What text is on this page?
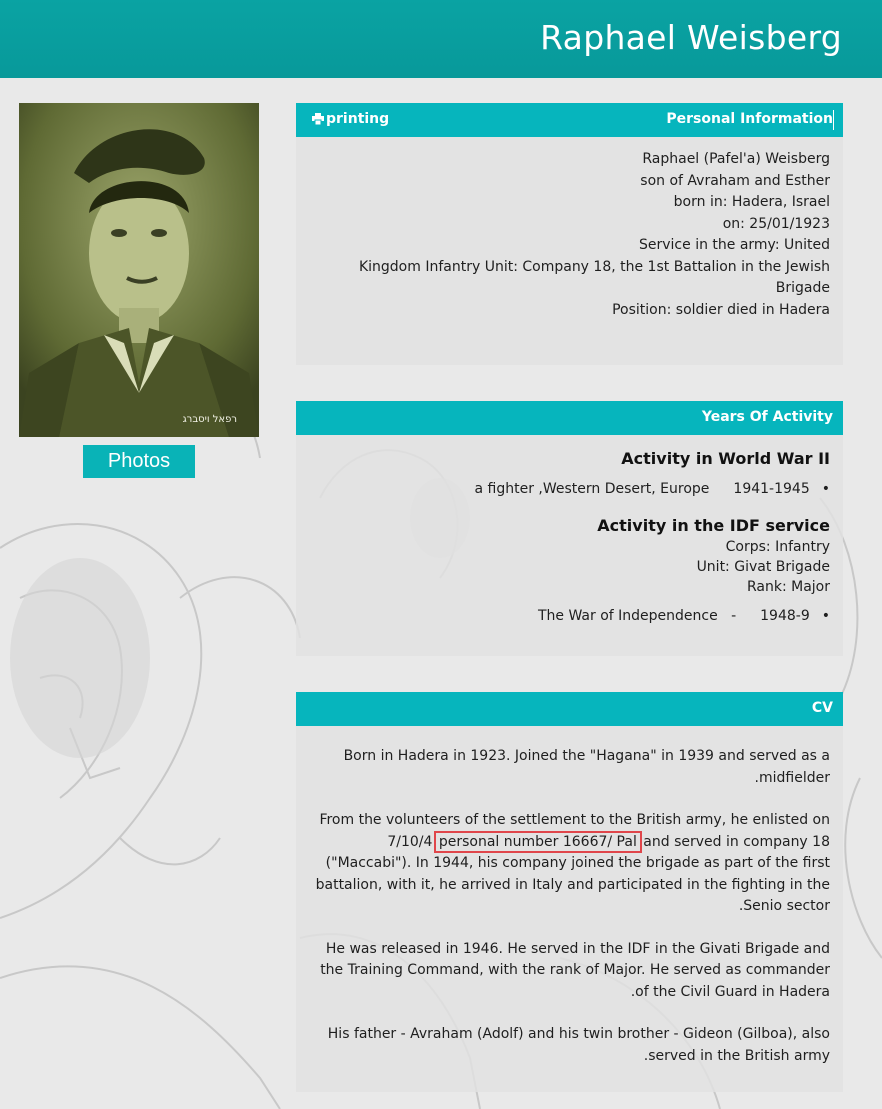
Raphael Weisberg
רפאל ויסברג
Photos
printing	Personal Information
Raphael (Pafel'a) Weisberg
son of Avraham and Esther
born in: Hadera, Israel
on: 25/01/1923
Service in the army: United
Kingdom Infantry Unit: Company 18, the 1st Battalion in the Jewish Brigade
Position: soldier died in Hadera
Years Of Activity
Activity in World War II
a fighter ,Western Desert, Europe 1941-1945 •
Activity in the IDF service
Corps: Infantry
Unit: Givat Brigade
Rank: Major
The War of Independence   - 1948-9 •
CV

Born in Hadera in 1923. Joined the "Hagana" in 1939 and served as a midfielder.

From the volunteers of the settlement to the British army, he enlisted on 7/10/4 personal number 16667/ Pal and served in company 18 ("Maccabi"). In 1944, his company joined the brigade as part of the first battalion, with it, he arrived in Italy and participated in the fighting in the Senio sector.

He was released in 1946. He served in the IDF in the Givati Brigade and the Training Command, with the rank of Major. He served as commander of the Civil Guard in Hadera.

His father - Avraham (Adolf) and his twin brother - Gideon (Gilboa), also served in the British army.
